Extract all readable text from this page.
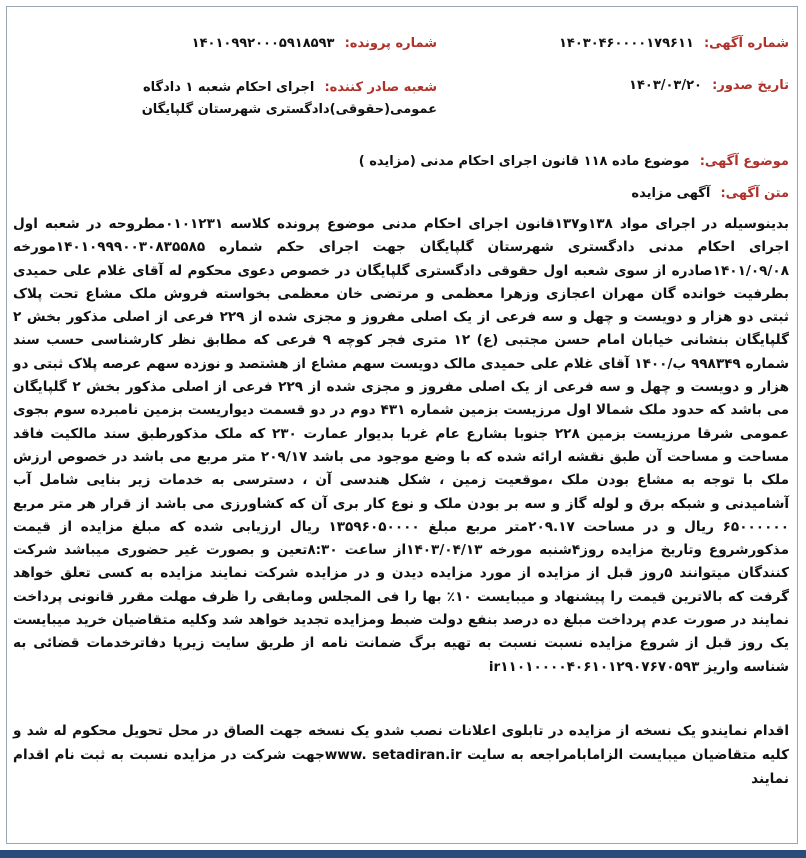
شماره آگهی: ۱۴۰۳۰۴۶۰۰۰۰۱۷۹۶۱۱
شماره پرونده: ۱۴۰۱۰۹۹۲۰۰۰۵۹۱۸۵۹۳
تاریخ صدور: ۱۴۰۳/۰۳/۲۰
شعبه صادر کننده: اجرای احکام شعبه ۱ دادگاه عمومی(حقوقی)دادگستری شهرستان گلپایگان
موضوع آگهی: موضوع ماده ۱۱۸ قانون اجرای احکام مدنی (مزایده )
متن آگهی: آگهی مزایده
بدینوسیله در اجرای مواد ۱۳۸و۱۳۷قانون اجرای احکام مدنی موضوع پرونده کلاسه ۰۱۰۱۲۳۱مطروحه در شعبه اول اجرای احکام مدنی دادگستری شهرستان گلپایگان جهت اجرای حکم شماره ۱۴۰۱۰۹۹۹۰۰۳۰۸۳۵۵۸۵مورخه ۱۴۰۱/۰۹/۰۸صادره از سوی شعبه اول حقوقی دادگستری گلپایگان در خصوص دعوی محکوم له آقای غلام علی حمیدی بطرفیت خوانده گان مهران اعجازی وزهرا معظمی و مرتضی خان معظمی بخواسته فروش ملک مشاع تحت پلاک ثبتی دو هزار و دویست و چهل و سه فرعی از یک اصلی مفروز و مجزی شده از ۲۲۹ فرعی از اصلی مذکور بخش ۲ گلپایگان بنشانی خیابان امام حسن مجتبی (ع) ۱۲ متری فجر کوچه ۹ فرعی که مطابق نظر کارشناسی حسب سند شماره ۹۹۸۳۴۹ ب/۱۴۰۰ آقای غلام علی حمیدی مالک دویست سهم مشاع از هشتصد و نوزده سهم عرصه پلاک ثبتی دو هزار و دویست و چهل و سه فرعی از یک اصلی مفروز و مجزی شده از ۲۲۹ فرعی از اصلی مذکور بخش ۲ گلپایگان می باشد که حدود ملک شمالا اول مرزیست بزمین شماره ۴۳۱ دوم در دو قسمت دیواریست بزمین نامبرده سوم بجوی عمومی شرقا مرزیست بزمین ۲۲۸ جنوبا بشارع عام غربا بدیوار عمارت ۲۳۰ که ملک مذکورطبق سند مالکیت فاقد مساحت و مساحت آن طبق نقشه ارائه شده که با وضع موجود می باشد ۲۰۹/۱۷ متر مربع می باشد در خصوص ارزش ملک با توجه به مشاع بودن ملک ،موقعیت زمین ، شکل هندسی آن ، دسترسی به خدمات زیر بنایی شامل آب آشامیدنی و شبکه برق و لوله گاز و سه بر بودن ملک و نوع کار بری آن که کشاورزی می باشد از قرار هر متر مربع ۶۵۰۰۰۰۰۰ ریال و در مساحت ۲۰۹.۱۷متر مربع مبلغ ۱۳۵۹۶۰۵۰۰۰۰ ریال ارزیابی شده که مبلغ مزایده از قیمت مذکورشروع وتاریخ مزایده روز۴شنبه مورخه ۱۴۰۳/۰۴/۱۳از ساعت ۸:۳۰تعین و بصورت غیر حضوری میباشد شرکت کنندگان میتوانند ۵روز قبل از مزایده از مورد مزایده دیدن و در مزایده شرکت نمایند مزایده به کسی تعلق خواهد گرفت که بالاترین قیمت را پیشنهاد و میبایست ۱۰٪ بها را فی المجلس ومابقی را ظرف مهلت مقرر قانونی پرداخت نمایند در صورت عدم پرداخت مبلغ ده درصد بنفع دولت ضبط ومزایده تجدید خواهد شد وکلیه متقاضیان خرید میبایست یک روز قبل از شروع مزایده نسبت نسبت به تهیه برگ ضمانت نامه از طریق سایت زیرپا دفاترخدمات قضائی به شناسه واریز ir۱۱۰۱۰۰۰۰۴۰۶۱۰۱۲۹۰۷۶۷۰۵۹۳
اقدام نمایندو یک نسخه از مزایده در تابلوی اعلانات نصب شدو یک نسخه جهت الصاق در محل تحویل محکوم له شد و کلیه متقاضیان میبایست الزامابامراجعه به سایت www. setadiran.irجهت شرکت در مزایده نسبت به ثبت نام اقدام نمایند
